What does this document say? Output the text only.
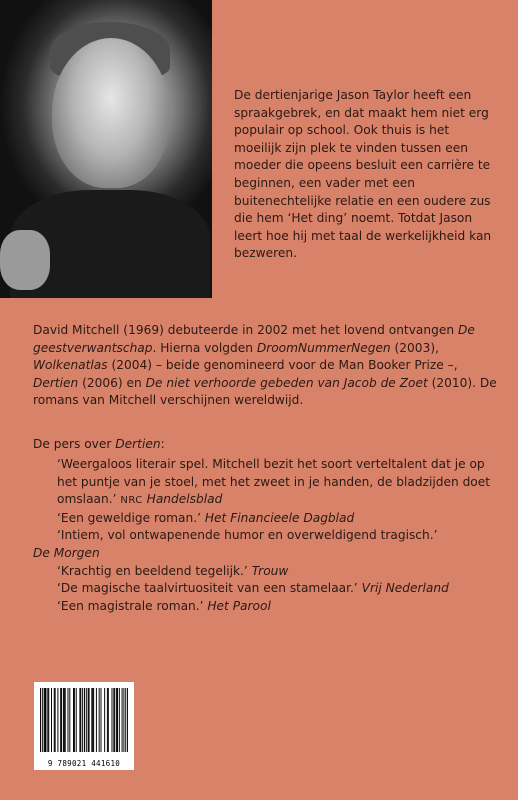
De dertienjarige Jason Taylor heeft een spraakgebrek, en dat maakt hem niet erg populair op school. Ook thuis is het moeilijk zijn plek te vinden tussen een moeder die opeens besluit een carrière te beginnen, een vader met een buitenechtelijke relatie en een oudere zus die hem ‘Het ding’ noemt. Totdat Jason leert hoe hij met taal de werkelijkheid kan bezweren.

David Mitchell (1969) debuteerde in 2002 met het lovend ontvangen De geestverwantschap. Hierna volgden DroomNummerNegen (2003), Wolkenatlas (2004) – beide genomineerd voor de Man Booker Prize –, Dertien (2006) en De niet verhoorde gebeden van Jacob de Zoet (2010). De romans van Mitchell verschijnen wereldwijd.

De pers over Dertien:

‘Weergaloos literair spel. Mitchell bezit het soort verteltalent dat je op het puntje van je stoel, met het zweet in je handen, de bladzijden doet omslaan.’ NRC Handelsblad

‘Een geweldige roman.’ Het Financieele Dagblad

‘Intiem, vol ontwapenende humor en overweldigend tragisch.’

De Morgen

‘Krachtig en beeldend tegelijk.’ Trouw

‘De magische taalvirtuositeit van een stamelaar.’ Vrij Nederland

‘Een magistrale roman.’ Het Parool

9 789021 441610
